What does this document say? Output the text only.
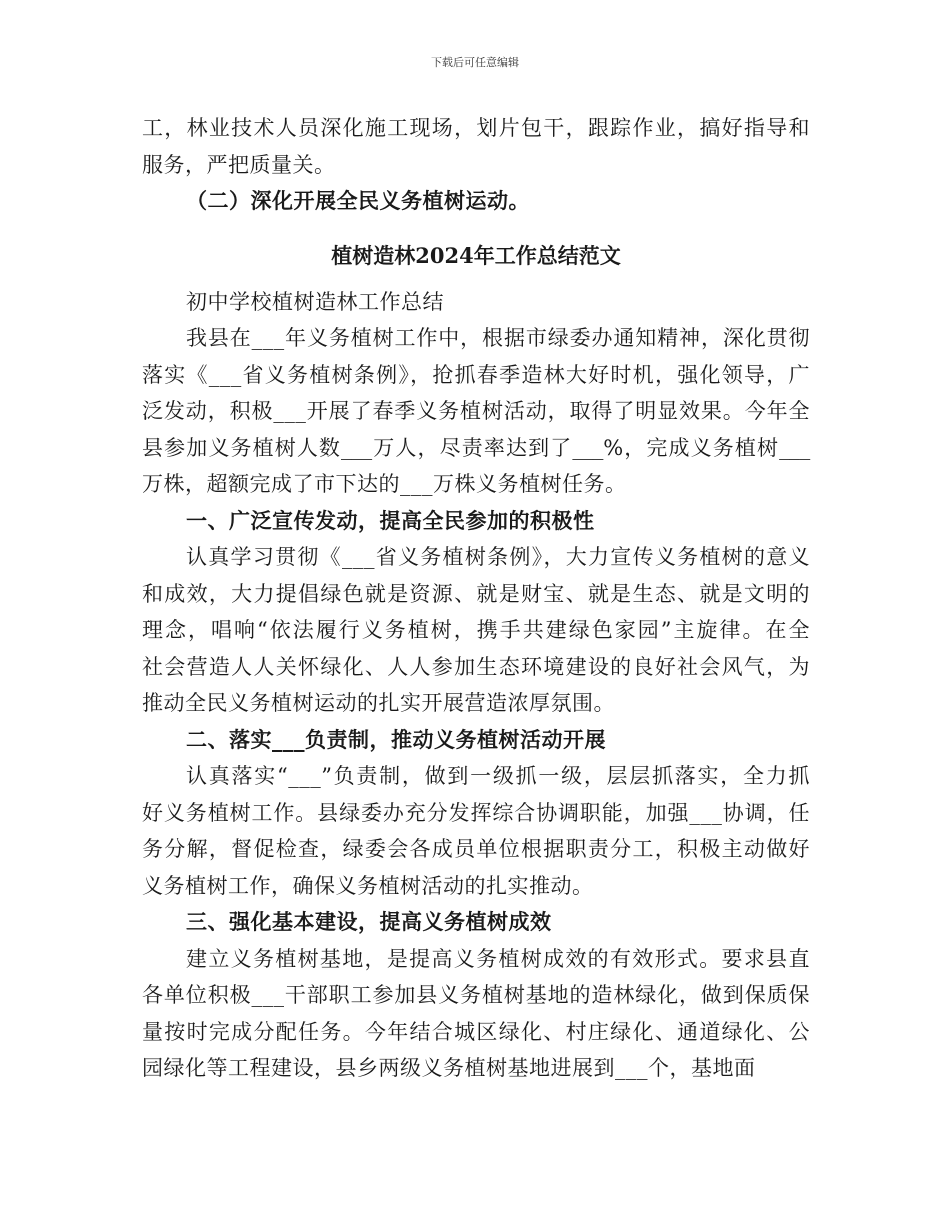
下载后可任意编辑
工，林业技术人员深化施工现场，划片包干，跟踪作业，搞好指导和
服务，严把质量关。
（二）深化开展全民义务植树运动。
植树造林2024年工作总结范文
初中学校植树造林工作总结
我县在___年义务植树工作中，根据市绿委办通知精神，深化贯彻
落实《___省义务植树条例》，抢抓春季造林大好时机，强化领导，广
泛发动，积极___开展了春季义务植树活动，取得了明显效果。今年全
县参加义务植树人数___万人，尽责率达到了___%，完成义务植树___
万株，超额完成了市下达的___万株义务植树任务。
一、广泛宣传发动，提高全民参加的积极性
认真学习贯彻《___省义务植树条例》，大力宣传义务植树的意义
和成效，大力提倡绿色就是资源、就是财宝、就是生态、就是文明的
理念，唱响“依法履行义务植树，携手共建绿色家园”主旋律。在全
社会营造人人关怀绿化、人人参加生态环境建设的良好社会风气，为
推动全民义务植树运动的扎实开展营造浓厚氛围。
二、落实___负责制，推动义务植树活动开展
认真落实“___”负责制，做到一级抓一级，层层抓落实，全力抓
好义务植树工作。县绿委办充分发挥综合协调职能，加强___协调，任
务分解，督促检查，绿委会各成员单位根据职责分工，积极主动做好
义务植树工作，确保义务植树活动的扎实推动。
三、强化基本建设，提高义务植树成效
建立义务植树基地，是提高义务植树成效的有效形式。要求县直
各单位积极___干部职工参加县义务植树基地的造林绿化，做到保质保
量按时完成分配任务。今年结合城区绿化、村庄绿化、通道绿化、公
园绿化等工程建设，县乡两级义务植树基地进展到___个，基地面
